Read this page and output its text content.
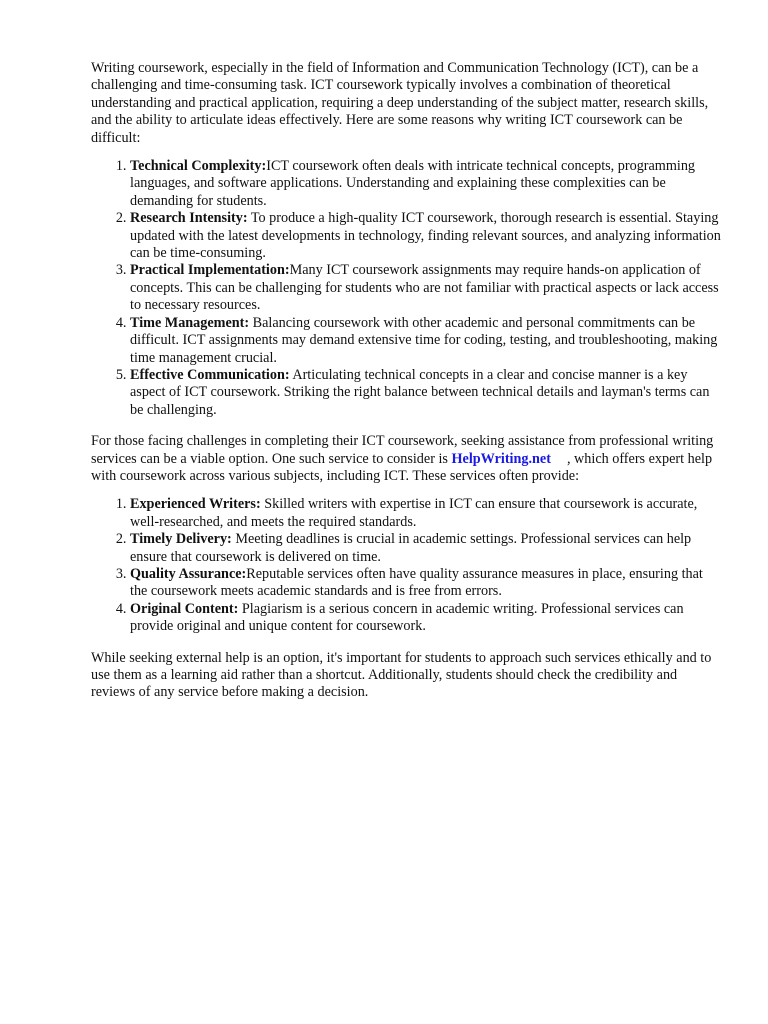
Writing coursework, especially in the field of Information and Communication Technology (ICT), can be a challenging and time-consuming task. ICT coursework typically involves a combination of theoretical understanding and practical application, requiring a deep understanding of the subject matter, research skills, and the ability to articulate ideas effectively. Here are some reasons why writing ICT coursework can be difficult:

1. Technical Complexity:ICT coursework often deals with intricate technical concepts, programming languages, and software applications. Understanding and explaining these complexities can be demanding for students.
2. Research Intensity: To produce a high-quality ICT coursework, thorough research is essential. Staying updated with the latest developments in technology, finding relevant sources, and analyzing information can be time-consuming.
3. Practical Implementation:Many ICT coursework assignments may require hands-on application of concepts. This can be challenging for students who are not familiar with practical aspects or lack access to necessary resources.
4. Time Management: Balancing coursework with other academic and personal commitments can be difficult. ICT assignments may demand extensive time for coding, testing, and troubleshooting, making time management crucial.
5. Effective Communication: Articulating technical concepts in a clear and concise manner is a key aspect of ICT coursework. Striking the right balance between technical details and layman's terms can be challenging.

For those facing challenges in completing their ICT coursework, seeking assistance from professional writing services can be a viable option. One such service to consider is HelpWriting.net , which offers expert help with coursework across various subjects, including ICT. These services often provide:

1. Experienced Writers: Skilled writers with expertise in ICT can ensure that coursework is accurate, well-researched, and meets the required standards.
2. Timely Delivery: Meeting deadlines is crucial in academic settings. Professional services can help ensure that coursework is delivered on time.
3. Quality Assurance:Reputable services often have quality assurance measures in place, ensuring that the coursework meets academic standards and is free from errors.
4. Original Content: Plagiarism is a serious concern in academic writing. Professional services can provide original and unique content for coursework.

While seeking external help is an option, it's important for students to approach such services ethically and to use them as a learning aid rather than a shortcut. Additionally, students should check the credibility and reviews of any service before making a decision.
